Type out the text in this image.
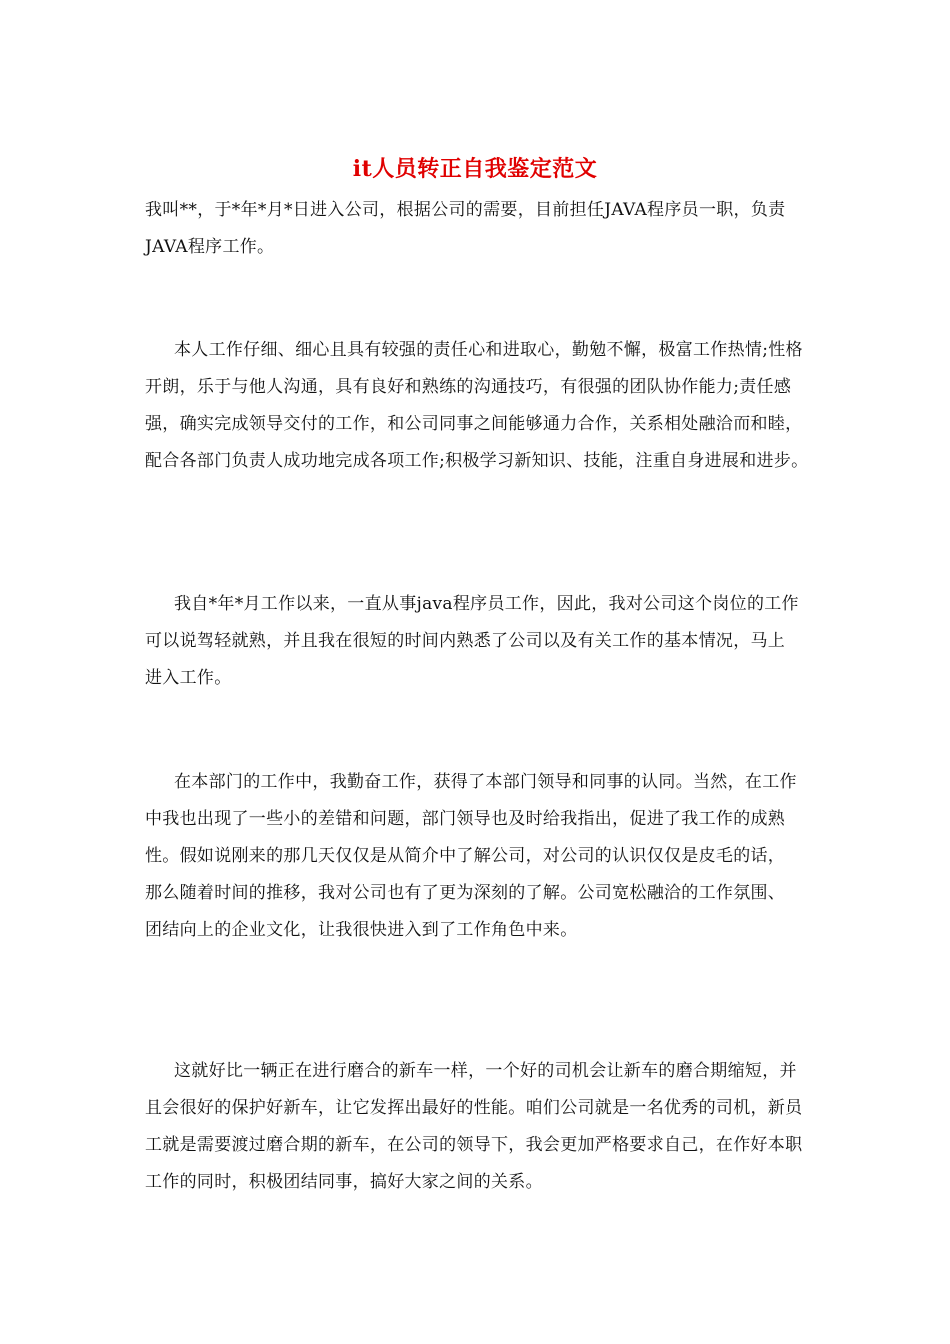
it人员转正自我鉴定范文

我叫**，于*年*月*日进入公司，根据公司的需要，目前担任JAVA程序员一职，负责JAVA程序工作。

本人工作仔细、细心且具有较强的责任心和进取心，勤勉不懈，极富工作热情;性格开朗，乐于与他人沟通，具有良好和熟练的沟通技巧，有很强的团队协作能力;责任感强，确实完成领导交付的工作，和公司同事之间能够通力合作，关系相处融洽而和睦，配合各部门负责人成功地完成各项工作;积极学习新知识、技能，注重自身进展和进步。

我自*年*月工作以来，一直从事java程序员工作，因此，我对公司这个岗位的工作可以说驾轻就熟，并且我在很短的时间内熟悉了公司以及有关工作的基本情况，马上进入工作。

在本部门的工作中，我勤奋工作，获得了本部门领导和同事的认同。当然，在工作中我也出现了一些小的差错和问题，部门领导也及时给我指出，促进了我工作的成熟性。假如说刚来的那几天仅仅是从简介中了解公司，对公司的认识仅仅是皮毛的话，那么随着时间的推移，我对公司也有了更为深刻的了解。公司宽松融洽的工作氛围、团结向上的企业文化，让我很快进入到了工作角色中来。

这就好比一辆正在进行磨合的新车一样，一个好的司机会让新车的磨合期缩短，并且会很好的保护好新车，让它发挥出最好的性能。咱们公司就是一名优秀的司机，新员工就是需要渡过磨合期的新车，在公司的领导下，我会更加严格要求自己，在作好本职工作的同时，积极团结同事，搞好大家之间的关系。
